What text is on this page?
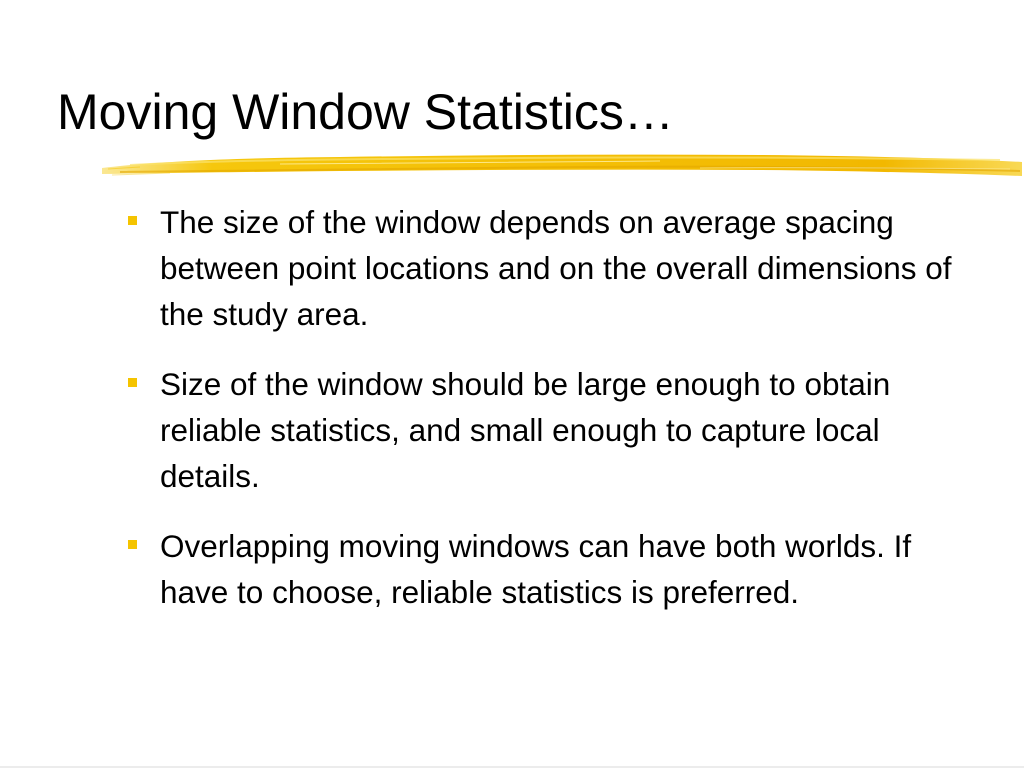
Moving Window Statistics…
The size of the window depends on average spacing between point locations and on the overall dimensions of the study area.
Size of the window should be large enough to obtain reliable statistics, and small enough to capture local details.
Overlapping moving windows can have both worlds. If have to choose, reliable statistics is preferred.
